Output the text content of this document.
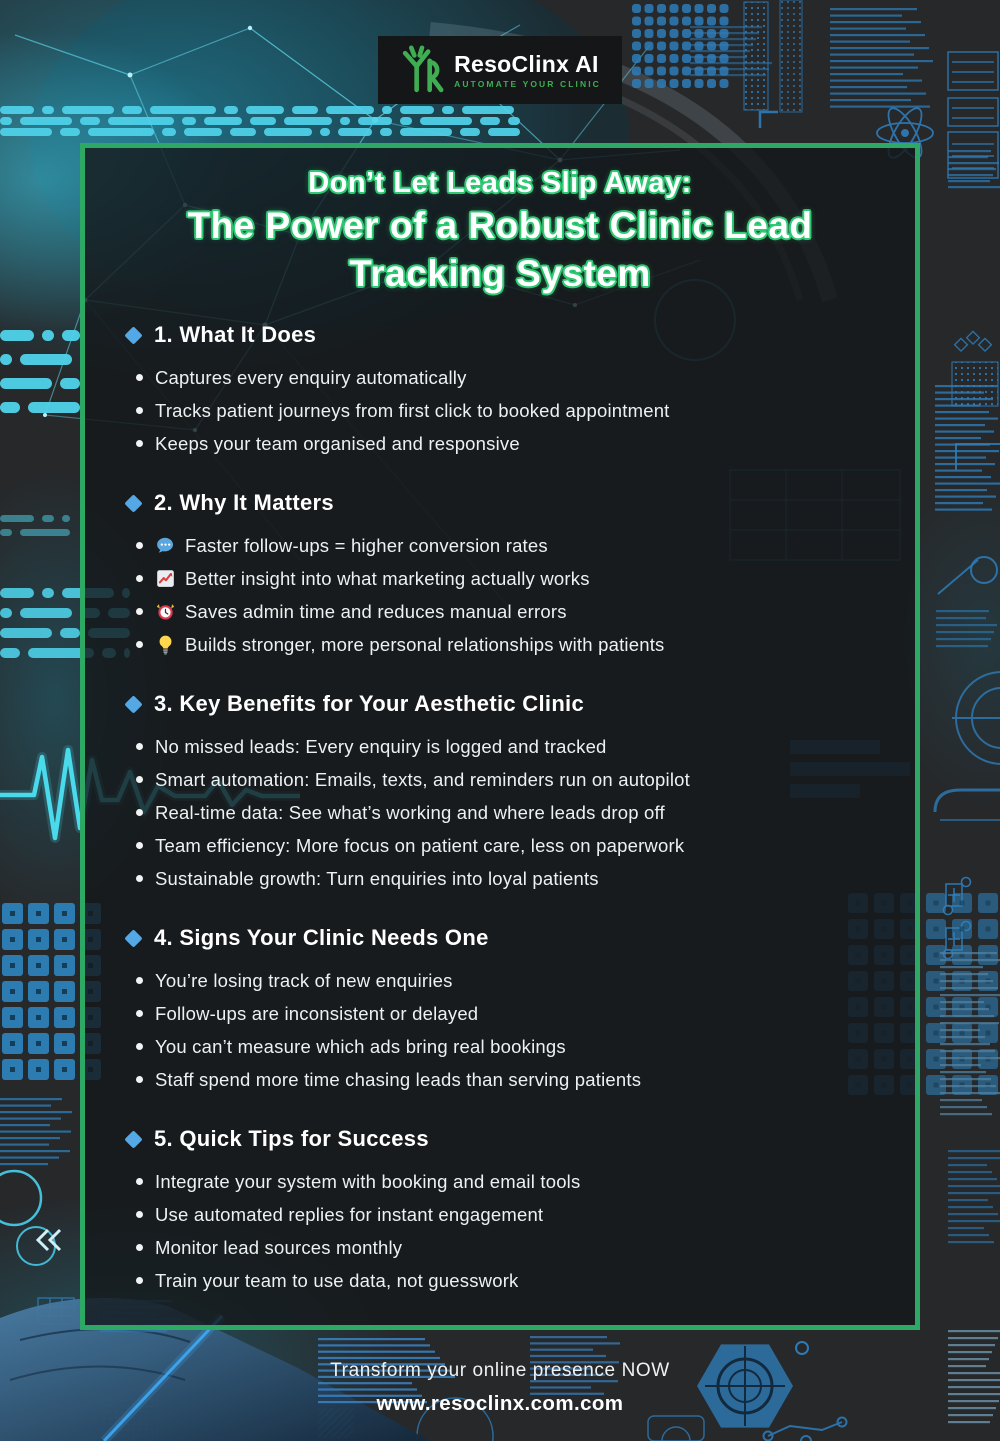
ResoClinx AI
AUTOMATE YOUR CLINIC
Don’t Let Leads Slip Away:
The Power of a Robust Clinic Lead
Tracking System
1. What It Does
Captures every enquiry automatically
Tracks patient journeys from first click to booked appointment
Keeps your team organised and responsive
2. Why It Matters
Faster follow-ups = higher conversion rates
Better insight into what marketing actually works
Saves admin time and reduces manual errors
Builds stronger, more personal relationships with patients
3. Key Benefits for Your Aesthetic Clinic
No missed leads: Every enquiry is logged and tracked
Smart automation: Emails, texts, and reminders run on autopilot
Real-time data: See what’s working and where leads drop off
Team efficiency: More focus on patient care, less on paperwork
Sustainable growth: Turn enquiries into loyal patients
4. Signs Your Clinic Needs One
You’re losing track of new enquiries
Follow-ups are inconsistent or delayed
You can’t measure which ads bring real bookings
Staff spend more time chasing leads than serving patients
5. Quick Tips for Success
Integrate your system with booking and email tools
Use automated replies for instant engagement
Monitor lead sources monthly
Train your team to use data, not guesswork
Transform your online presence NOW
www.resoclinx.com.com
